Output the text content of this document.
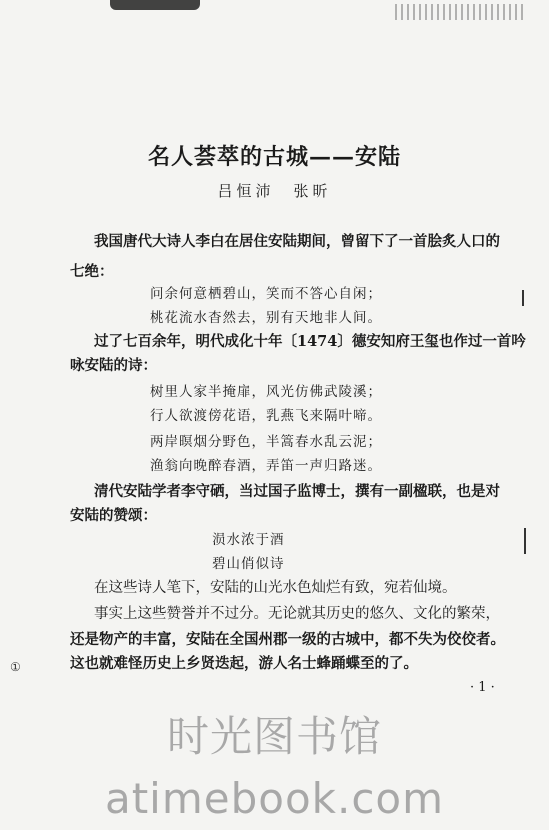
名人荟萃的古城——安陆
吕恒沛　张昕
我国唐代大诗人李白在居住安陆期间，曾留下了一首脍炙人口的
七绝：
问余何意栖碧山，笑而不答心自闲；
桃花流水杳然去，别有天地非人间。
过了七百余年，明代成化十年〔1474〕德安知府王玺也作过一首吟
咏安陆的诗：
树里人家半掩扉，风光仿佛武陵溪；
行人欲渡傍花语，乳燕飞来隔叶啼。
两岸暝烟分野色，半篙春水乱云泥；
渔翁向晚醉春酒，弄笛一声归路迷。
清代安陆学者李守硒，当过国子监博士，撰有一副楹联，也是对
安陆的赞颂：
涢水浓于酒
碧山俏似诗
在这些诗人笔下，安陆的山光水色灿烂有致，宛若仙境。
事实上这些赞誉并不过分。无论就其历史的悠久、文化的繁荣，
还是物产的丰富，安陆在全国州郡一级的古城中，都不失为佼佼者。
这也就难怪历史上乡贤迭起，游人名士蜂踊蝶至的了。
①
· 1 ·
时光图书馆atimebook.com
